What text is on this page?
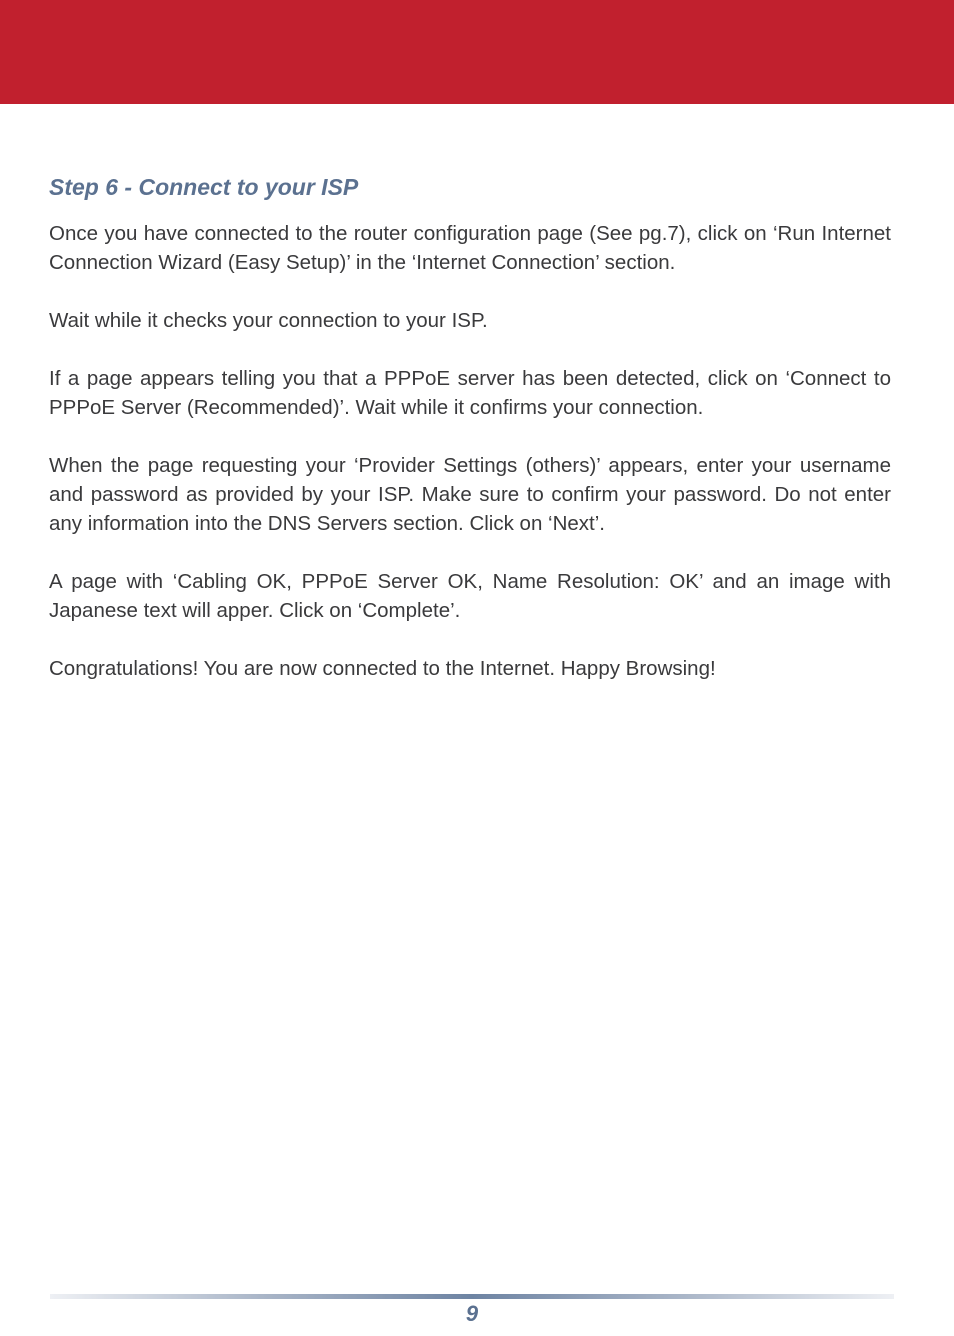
Step 6 - Connect to your ISP

Once you have connected to the router configuration page (See pg.7), click on ‘Run Internet Connection Wizard (Easy Setup)’ in the ‘Internet Connection’ section.

Wait while it checks your connection to your ISP.

If a page appears telling you that a PPPoE server has been detected, click on ‘Connect to PPPoE Server (Recommended)’. Wait while it confirms your connection.

When the page requesting your ‘Provider Settings (others)’ appears, enter your username and password as provided by your ISP. Make sure to confirm your password. Do not enter any information into the DNS Servers section. Click on ‘Next’.

A page with ‘Cabling OK, PPPoE Server OK, Name Resolution: OK’ and an image with Japanese text will apper. Click on ‘Complete’.

Congratulations! You are now connected to the Internet. Happy Browsing!

9
